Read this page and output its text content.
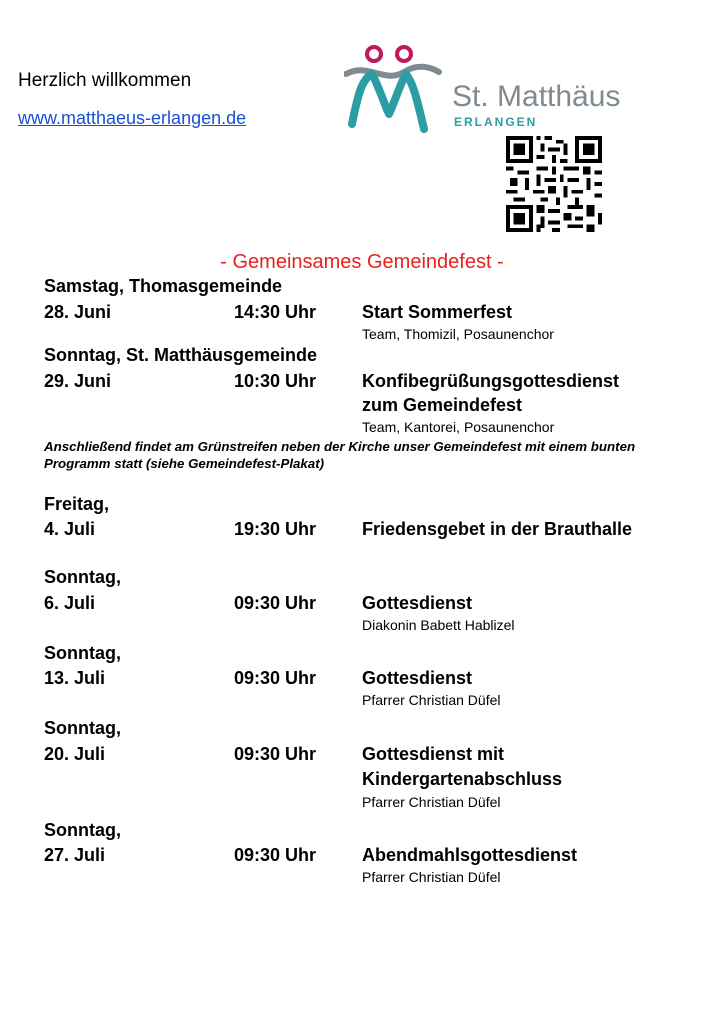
Herzlich willkommen
www.matthaeus-erlangen.de
St. Matthäus
ERLANGEN
- Gemeinsames Gemeindefest -
Samstag, Thomasgemeinde
28. Juni	14:30 Uhr	Start Sommerfest
Team, Thomizil, Posaunenchor
Sonntag, St. Matthäusgemeinde
29. Juni	10:30 Uhr	Konfibegrüßungsgottesdienst
zum Gemeindefest
Team, Kantorei, Posaunenchor
Anschließend findet am Grünstreifen neben der Kirche unser Gemeindefest mit einem bunten Programm statt (siehe Gemeindefest-Plakat)
Freitag,
4. Juli	19:30 Uhr	Friedensgebet in der Brauthalle
Sonntag,
6. Juli	09:30 Uhr	Gottesdienst
Diakonin Babett Hablizel
Sonntag,
13. Juli	09:30 Uhr	Gottesdienst
Pfarrer Christian Düfel
Sonntag,
20. Juli	09:30 Uhr	Gottesdienst mit
Kindergartenabschluss
Pfarrer Christian Düfel
Sonntag,
27. Juli	09:30 Uhr	Abendmahlsgottesdienst
Pfarrer Christian Düfel
